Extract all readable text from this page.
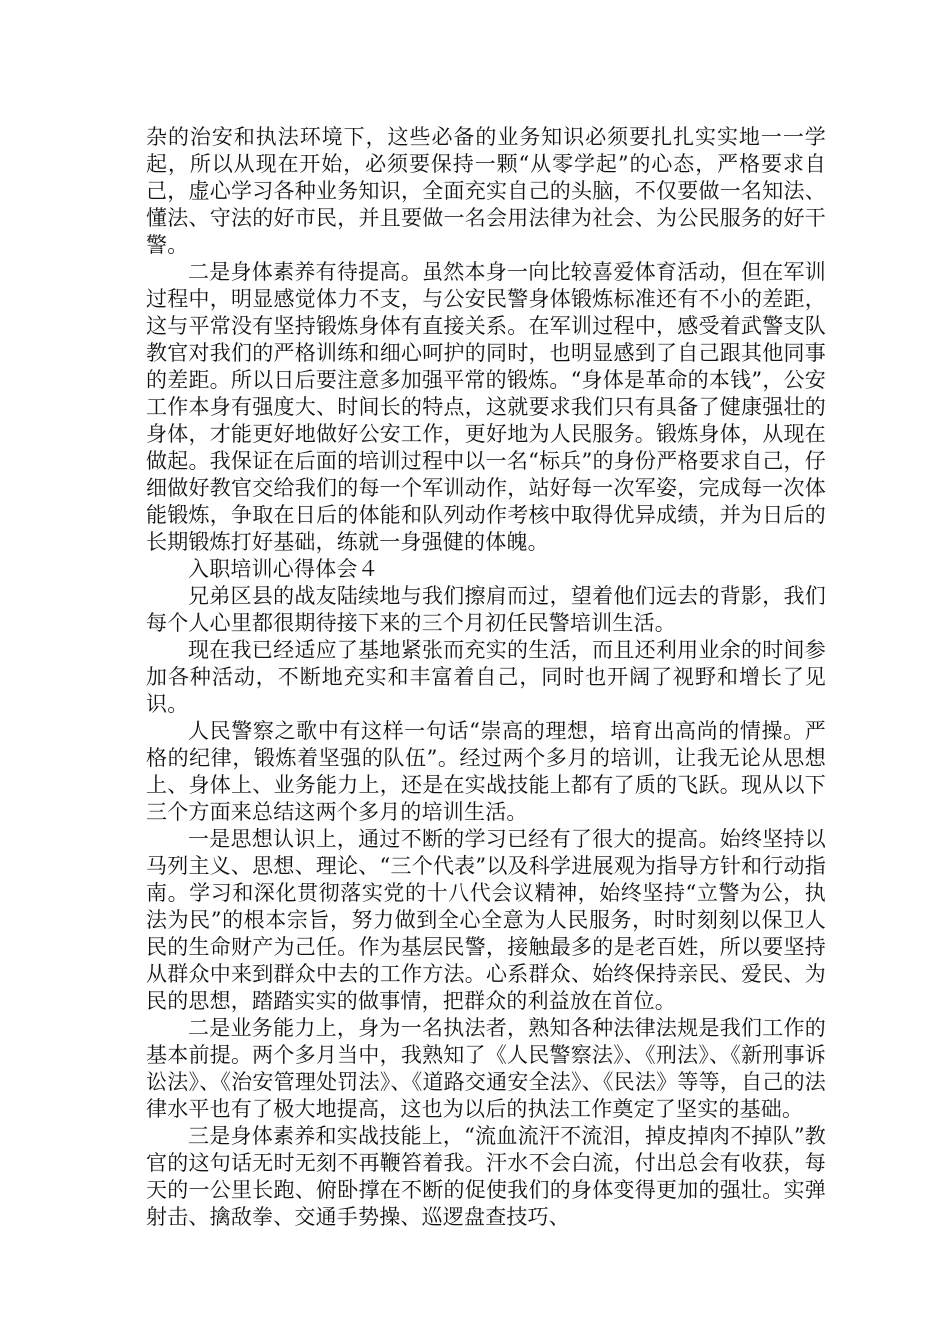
杂的治安和执法环境下，这些必备的业务知识必须要扎扎实实地一一学起，所以从现在开始，必须要保持一颗“从零学起”的心态，严格要求自己，虚心学习各种业务知识，全面充实自己的头脑，不仅要做一名知法、懂法、守法的好市民，并且要做一名会用法律为社会、为公民服务的好干警。

二是身体素养有待提高。虽然本身一向比较喜爱体育活动，但在军训过程中，明显感觉体力不支，与公安民警身体锻炼标准还有不小的差距，这与平常没有坚持锻炼身体有直接关系。在军训过程中，感受着武警支队教官对我们的严格训练和细心呵护的同时，也明显感到了自己跟其他同事的差距。所以日后要注意多加强平常的锻炼。“身体是革命的本钱”，公安工作本身有强度大、时间长的特点，这就要求我们只有具备了健康强壮的身体，才能更好地做好公安工作，更好地为人民服务。锻炼身体，从现在做起。我保证在后面的培训过程中以一名“标兵”的身份严格要求自己，仔细做好教官交给我们的每一个军训动作，站好每一次军姿，完成每一次体能锻炼，争取在日后的体能和队列动作考核中取得优异成绩，并为日后的长期锻炼打好基础，练就一身强健的体魄。

入职培训心得体会４

兄弟区县的战友陆续地与我们擦肩而过，望着他们远去的背影，我们每个人心里都很期待接下来的三个月初任民警培训生活。

现在我已经适应了基地紧张而充实的生活，而且还利用业余的时间参加各种活动，不断地充实和丰富着自己，同时也开阔了视野和增长了见识。

人民警察之歌中有这样一句话“崇高的理想，培育出高尚的情操。严格的纪律，锻炼着坚强的队伍”。经过两个多月的培训，让我无论从思想上、身体上、业务能力上，还是在实战技能上都有了质的飞跃。现从以下三个方面来总结这两个多月的培训生活。

一是思想认识上，通过不断的学习已经有了很大的提高。始终坚持以马列主义、思想、理论、“三个代表”以及科学进展观为指导方针和行动指南。学习和深化贯彻落实党的十八代会议精神，始终坚持“立警为公，执法为民”的根本宗旨，努力做到全心全意为人民服务，时时刻刻以保卫人民的生命财产为己任。作为基层民警，接触最多的是老百姓，所以要坚持从群众中来到群众中去的工作方法。心系群众、始终保持亲民、爱民、为民的思想，踏踏实实的做事情，把群众的利益放在首位。

二是业务能力上，身为一名执法者，熟知各种法律法规是我们工作的基本前提。两个多月当中，我熟知了《人民警察法》、《刑法》、《新刑事诉讼法》、《治安管理处罚法》、《道路交通安全法》、《民法》等等，自己的法律水平也有了极大地提高，这也为以后的执法工作奠定了坚实的基础。

三是身体素养和实战技能上，“流血流汗不流泪，掉皮掉肉不掉队”教官的这句话无时无刻不再鞭笞着我。汗水不会白流，付出总会有收获，每天的一公里长跑、俯卧撑在不断的促使我们的身体变得更加的强壮。实弹射击、擒敌拳、交通手势操、巡逻盘查技巧、
